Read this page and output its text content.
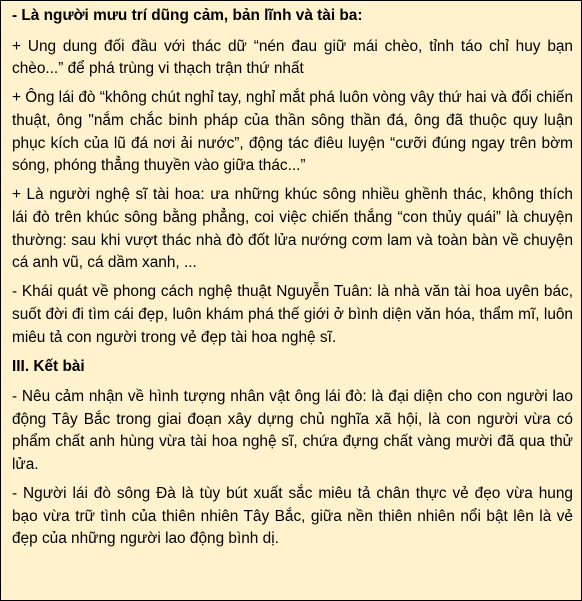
- Là người mưu trí dũng cảm, bản lĩnh và tài ba:

+ Ung dung đối đầu với thác dữ “nén đau giữ mái chèo, tỉnh táo chỉ huy bạn chèo...” để phá trùng vi thạch trận thứ nhất

+ Ông lái đò “không chút nghỉ tay, nghỉ mắt phá luôn vòng vây thứ hai và đổi chiến thuật, ông "nắm chắc binh pháp của thần sông thần đá, ông đã thuộc quy luận phục kích của lũ đá nơi ải nước”, động tác điêu luyện “cưỡi đúng ngay trên bờm sóng, phóng thẳng thuyền vào giữa thác...”

+ Là người nghệ sĩ tài hoa: ưa những khúc sông nhiều ghềnh thác, không thích lái đò trên khúc sông bằng phẳng, coi việc chiến thắng “con thủy quái” là chuyện thường: sau khi vượt thác nhà đò đốt lửa nướng cơm lam và toàn bàn về chuyện cá anh vũ, cá dầm xanh, ...

- Khái quát về phong cách nghệ thuật Nguyễn Tuân: là nhà văn tài hoa uyên bác, suốt đời đi tìm cái đẹp, luôn khám phá thế giới ở bình diện văn hóa, thẩm mĩ, luôn miêu tả con người trong vẻ đẹp tài hoa nghệ sĩ.

III. Kết bài

- Nêu cảm nhận về hình tượng nhân vật ông lái đò: là đại diện cho con người lao động Tây Bắc trong giai đoạn xây dựng chủ nghĩa xã hội, là con người vừa có phẩm chất anh hùng vừa tài hoa nghệ sĩ, chứa đựng chất vàng mười đã qua thử lửa.

- Người lái đò sông Đà là tùy bút xuất sắc miêu tả chân thực vẻ đẹo vừa hung bạo vừa trữ tình của thiên nhiên Tây Bắc, giữa nền thiên nhiên nổi bật lên là vẻ đẹp của những người lao động bình dị.
